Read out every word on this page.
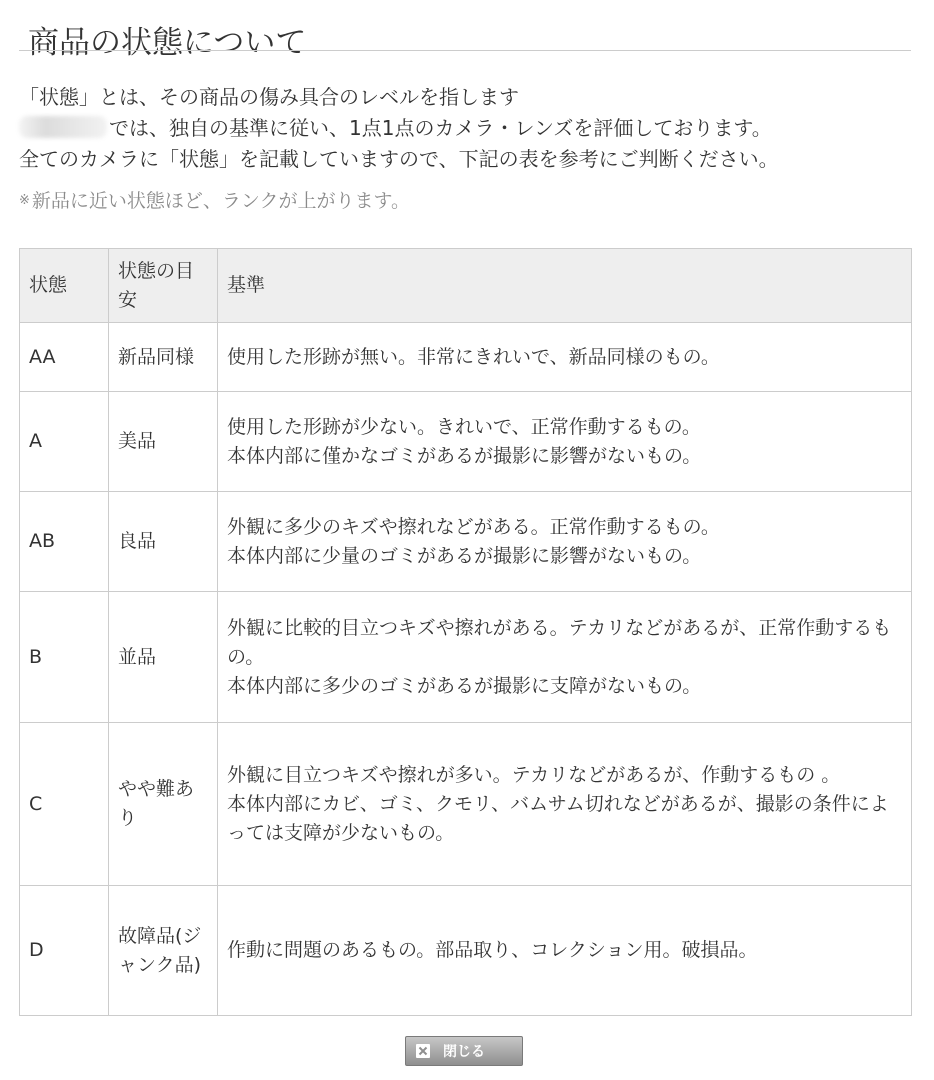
商品の状態について
「状態」とは、その商品の傷み具合のレベルを指します
では、独自の基準に従い、1点1点のカメラ・レンズを評価しております。
全てのカメラに「状態」を記載していますので、下記の表を参考にご判断ください。
※ 新品に近い状態ほど、ランクが上がります。
状態	状態の目安	基準
AA	新品同様	使用した形跡が無い。非常にきれいで、新品同様のもの。

A	美品	使用した形跡が少ない。きれいで、正常作動するもの。
本体内部に僅かなゴミがあるが撮影に影響がないもの。

AB	良品	外観に多少のキズや擦れなどがある。正常作動するもの。
本体内部に少量のゴミがあるが撮影に影響がないもの。

B	並品	外観に比較的目立つキズや擦れがある。テカリなどがあるが、正常作動するもの。
本体内部に多少のゴミがあるが撮影に支障がないもの。

C	やや難あり	外観に目立つキズや擦れが多い。テカリなどがあるが、作動するもの 。
本体内部にカビ、ゴミ、クモリ、バムサム切れなどがあるが、撮影の条件によっては支障が少ないもの。

D	故障品(ジャンク品)	作動に問題のあるもの。部品取り、コレクション用。破損品。
閉じる
